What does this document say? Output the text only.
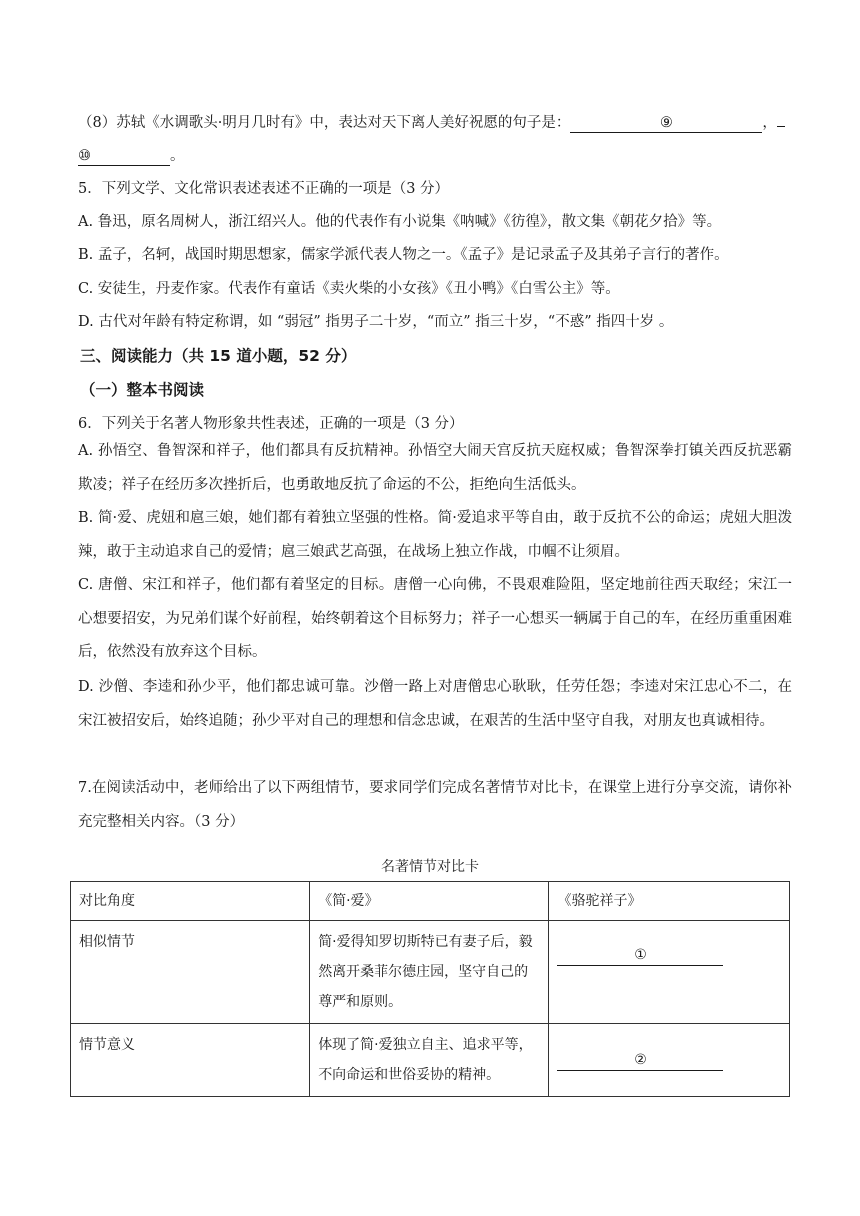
（8）苏轼《水调歌头·明月几时有》中，表达对天下离人美好祝愿的句子是：	⑨	，
⑩	。
5．下列文学、文化常识表述表述不正确的一项是（3 分）
A. 鲁迅，原名周树人，浙江绍兴人。他的代表作有小说集《呐喊》《彷徨》，散文集《朝花夕拾》等。
B. 孟子，名轲，战国时期思想家，儒家学派代表人物之一。《孟子》是记录孟子及其弟子言行的著作。
C. 安徒生，丹麦作家。代表作有童话《卖火柴的小女孩》《丑小鸭》《白雪公主》等。
D. 古代对年龄有特定称谓，如 “弱冠” 指男子二十岁，“而立” 指三十岁，“不惑” 指四十岁 。
三、阅读能力（共 15 道小题，52 分）
（一）整本书阅读
6．下列关于名著人物形象共性表述，正确的一项是（3 分）
A. 孙悟空、鲁智深和祥子，他们都具有反抗精神。孙悟空大闹天宫反抗天庭权威；鲁智深拳打镇关西反抗恶霸欺凌；祥子在经历多次挫折后，也勇敢地反抗了命运的不公，拒绝向生活低头。
B. 简·爱、虎妞和扈三娘，她们都有着独立坚强的性格。简·爱追求平等自由，敢于反抗不公的命运；虎妞大胆泼辣，敢于主动追求自己的爱情；扈三娘武艺高强，在战场上独立作战，巾帼不让须眉。
C. 唐僧、宋江和祥子，他们都有着坚定的目标。唐僧一心向佛，不畏艰难险阻，坚定地前往西天取经；宋江一心想要招安，为兄弟们谋个好前程，始终朝着这个目标努力；祥子一心想买一辆属于自己的车，在经历重重困难后，依然没有放弃这个目标。
D. 沙僧、李逵和孙少平，他们都忠诚可靠。沙僧一路上对唐僧忠心耿耿，任劳任怨；李逵对宋江忠心不二，在宋江被招安后，始终追随；孙少平对自己的理想和信念忠诚，在艰苦的生活中坚守自我，对朋友也真诚相待。
7.在阅读活动中，老师给出了以下两组情节，要求同学们完成名著情节对比卡，在课堂上进行分享交流，请你补充完整相关内容。（3 分）
名著情节对比卡
对比角度	《简·爱》	《骆驼祥子》
相似情节	简·爱得知罗切斯特已有妻子后，毅然离开桑菲尔德庄园，坚守自己的尊严和原则。	①
情节意义	体现了简·爱独立自主、追求平等，不向命运和世俗妥协的精神。	②
